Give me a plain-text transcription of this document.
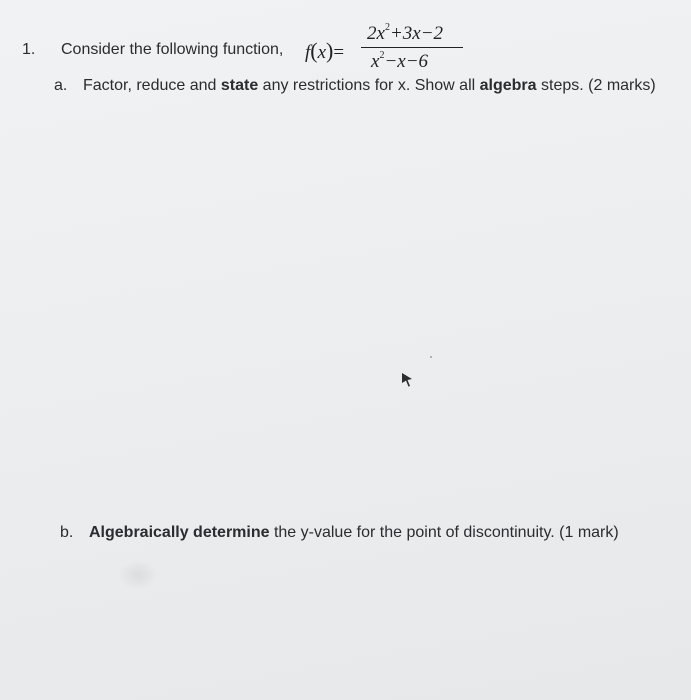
1. Consider the following function, f(x)=
$2x^2+3x-2$
$x^2-x-6$
a. Factor, reduce and state any restrictions for x. Show all algebra steps. (2 marks)
b. Algebraically determine the y-value for the point of discontinuity. (1 mark)
